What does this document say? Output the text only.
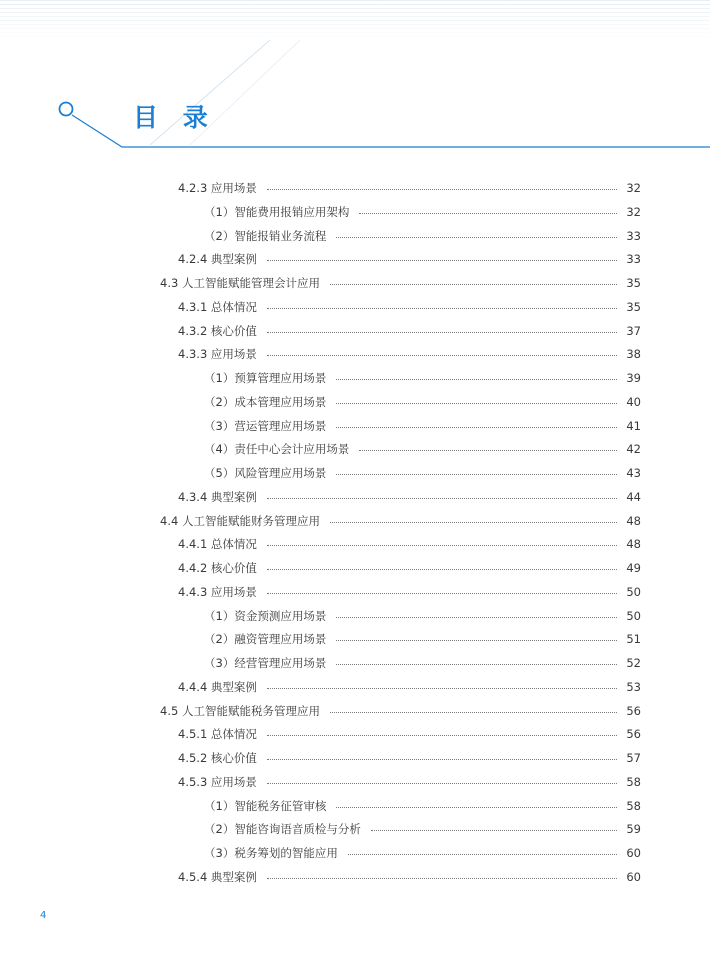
目 录
4.2.3 应用场景	32
（1）智能费用报销应用架构	32
（2）智能报销业务流程	33
4.2.4 典型案例	33
4.3 人工智能赋能管理会计应用	35
4.3.1 总体情况	35
4.3.2 核心价值	37
4.3.3 应用场景	38
（1）预算管理应用场景	39
（2）成本管理应用场景	40
（3）营运管理应用场景	41
（4）责任中心会计应用场景	42
（5）风险管理应用场景	43
4.3.4 典型案例	44
4.4 人工智能赋能财务管理应用	48
4.4.1 总体情况	48
4.4.2 核心价值	49
4.4.3 应用场景	50
（1）资金预测应用场景	50
（2）融资管理应用场景	51
（3）经营管理应用场景	52
4.4.4 典型案例	53
4.5 人工智能赋能税务管理应用	56
4.5.1 总体情况	56
4.5.2 核心价值	57
4.5.3 应用场景	58
（1）智能税务征管审核	58
（2）智能咨询语音质检与分析	59
（3）税务筹划的智能应用	60
4.5.4 典型案例	60
4
